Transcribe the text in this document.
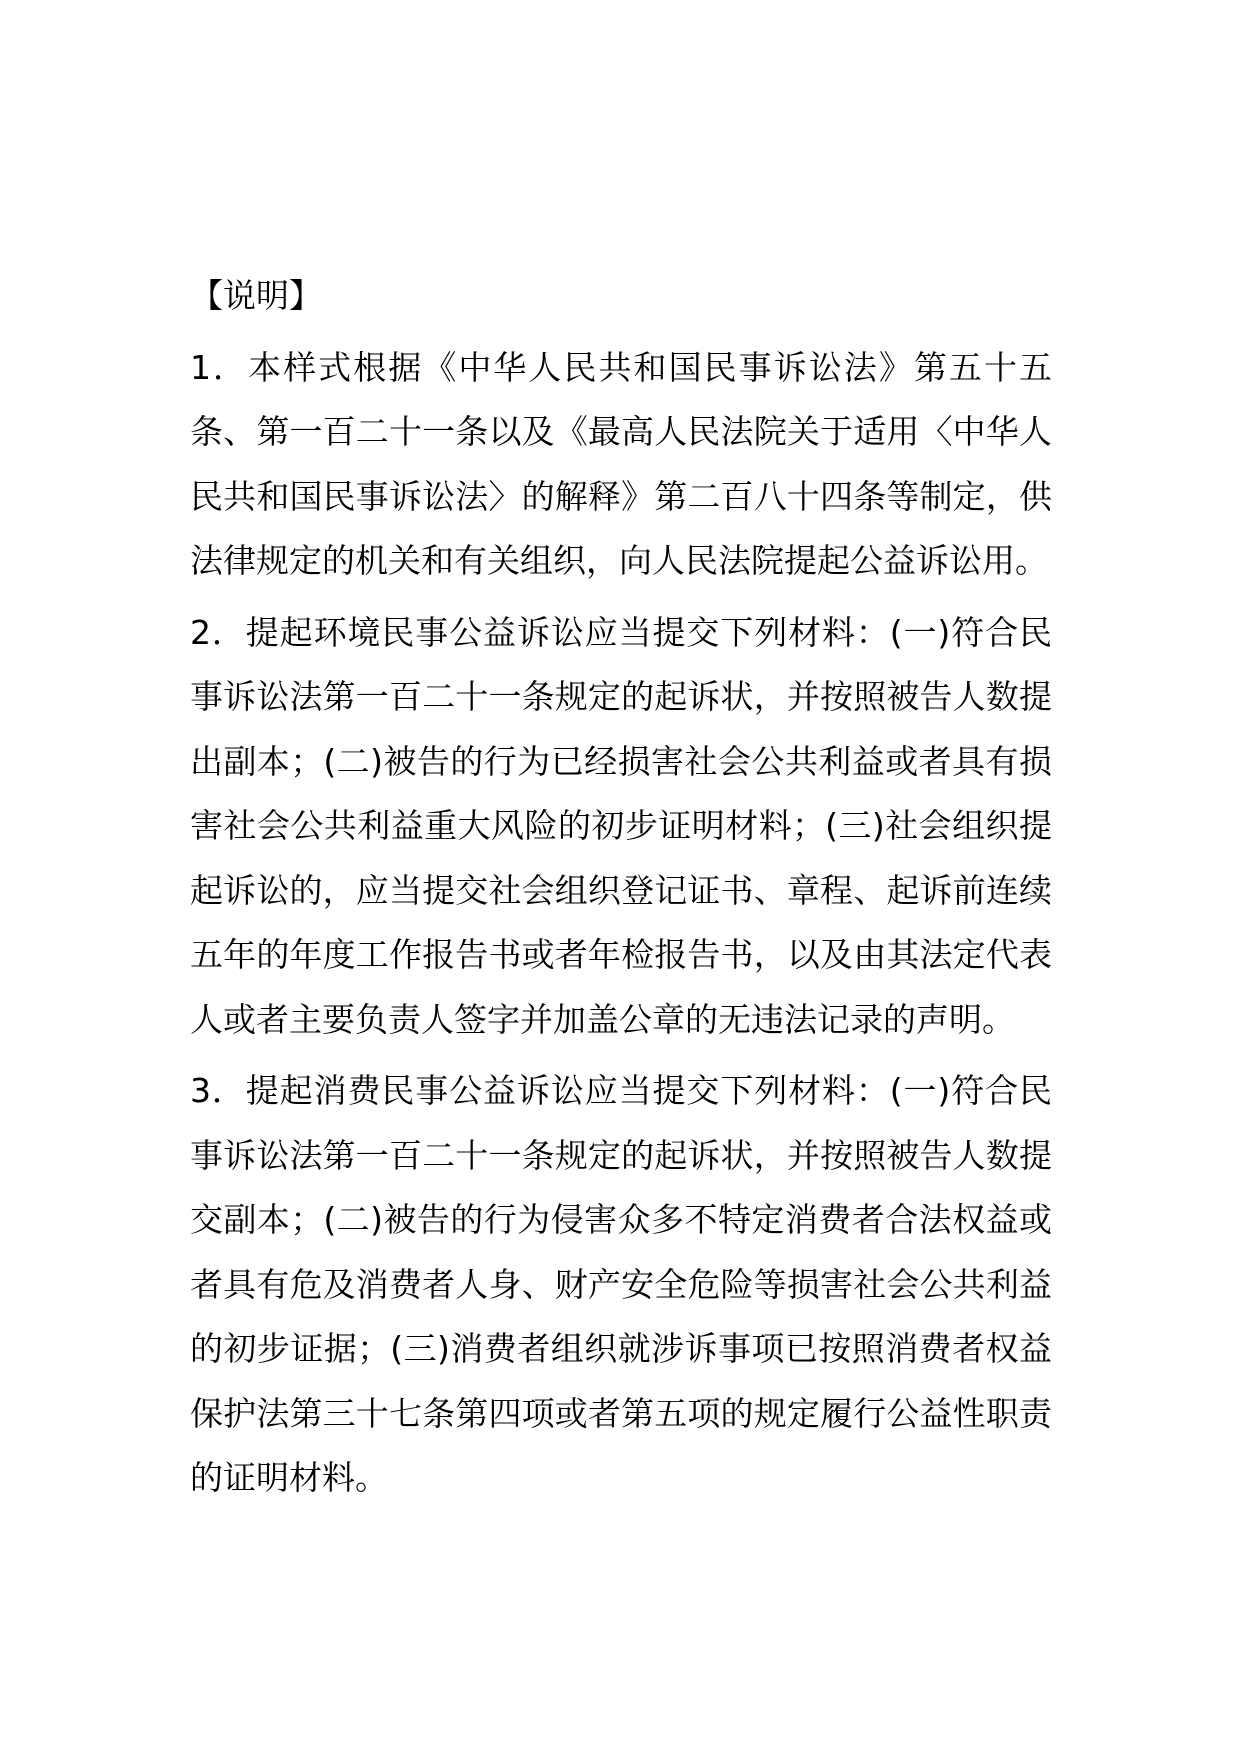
【说明】

1．本样式根据《中华人民共和国民事诉讼法》第五十五条、第一百二十一条以及《最高人民法院关于适用〈中华人民共和国民事诉讼法〉的解释》第二百八十四条等制定，供法律规定的机关和有关组织，向人民法院提起公益诉讼用。

2．提起环境民事公益诉讼应当提交下列材料：(一)符合民事诉讼法第一百二十一条规定的起诉状，并按照被告人数提出副本；(二)被告的行为已经损害社会公共利益或者具有损害社会公共利益重大风险的初步证明材料；(三)社会组织提起诉讼的，应当提交社会组织登记证书、章程、起诉前连续五年的年度工作报告书或者年检报告书，以及由其法定代表人或者主要负责人签字并加盖公章的无违法记录的声明。

3．提起消费民事公益诉讼应当提交下列材料：(一)符合民事诉讼法第一百二十一条规定的起诉状，并按照被告人数提交副本；(二)被告的行为侵害众多不特定消费者合法权益或者具有危及消费者人身、财产安全危险等损害社会公共利益的初步证据；(三)消费者组织就涉诉事项已按照消费者权益保护法第三十七条第四项或者第五项的规定履行公益性职责的证明材料。
